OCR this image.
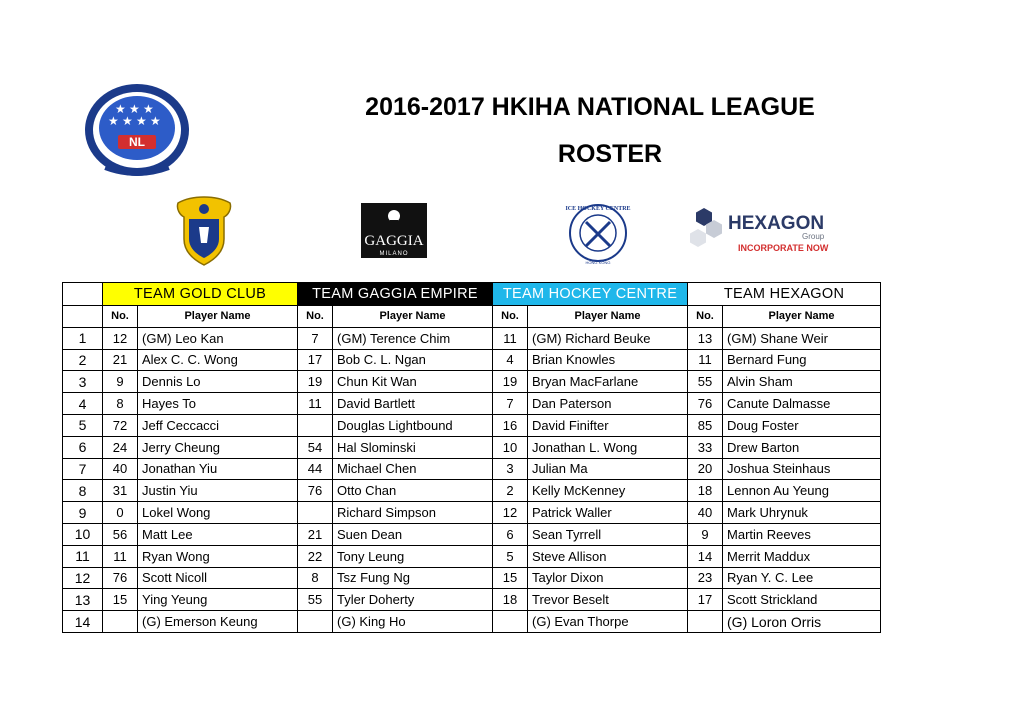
2016-2017 HKIHA NATIONAL LEAGUE
ROSTER
★ ★ ★ ★
★ ★ ★
NL
GAGGIA
MILANO
ICE HOCKEY CENTRE
HONG KONG
HEXAGON
Group
INCORPORATE NOW
	TEAM GOLD CLUB		TEAM GAGGIA EMPIRE		TEAM HOCKEY CENTRE		TEAM HEXAGON	
	No.	Player Name	No.	Player Name	No.	Player Name	No.	Player Name
1	12	(GM) Leo Kan	7	(GM) Terence Chim	11	(GM) Richard Beuke	13	(GM) Shane Weir
2	21	Alex C. C. Wong	17	Bob C. L. Ngan	4	Brian Knowles	11	Bernard Fung
3	9	Dennis Lo	19	Chun Kit Wan	19	Bryan MacFarlane	55	Alvin Sham
4	8	Hayes To	11	David Bartlett	7	Dan Paterson	76	Canute Dalmasse
5	72	Jeff Ceccacci		Douglas Lightbound	16	David Finifter	85	Doug Foster
6	24	Jerry Cheung	54	Hal Slominski	10	Jonathan L. Wong	33	Drew Barton
7	40	Jonathan Yiu	44	Michael Chen	3	Julian Ma	20	Joshua Steinhaus
8	31	Justin Yiu	76	Otto Chan	2	Kelly McKenney	18	Lennon Au Yeung
9	0	Lokel Wong		Richard Simpson	12	Patrick Waller	40	Mark Uhrynuk
10	56	Matt Lee	21	Suen Dean	6	Sean Tyrrell	9	Martin Reeves
11	11	Ryan Wong	22	Tony Leung	5	Steve Allison	14	Merrit Maddux
12	76	Scott Nicoll	8	Tsz Fung Ng	15	Taylor Dixon	23	Ryan Y. C. Lee
13	15	Ying Yeung	55	Tyler Doherty	18	Trevor Beselt	17	Scott Strickland
14		(G) Emerson Keung		(G) King Ho		(G) Evan Thorpe		(G) Loron Orris
